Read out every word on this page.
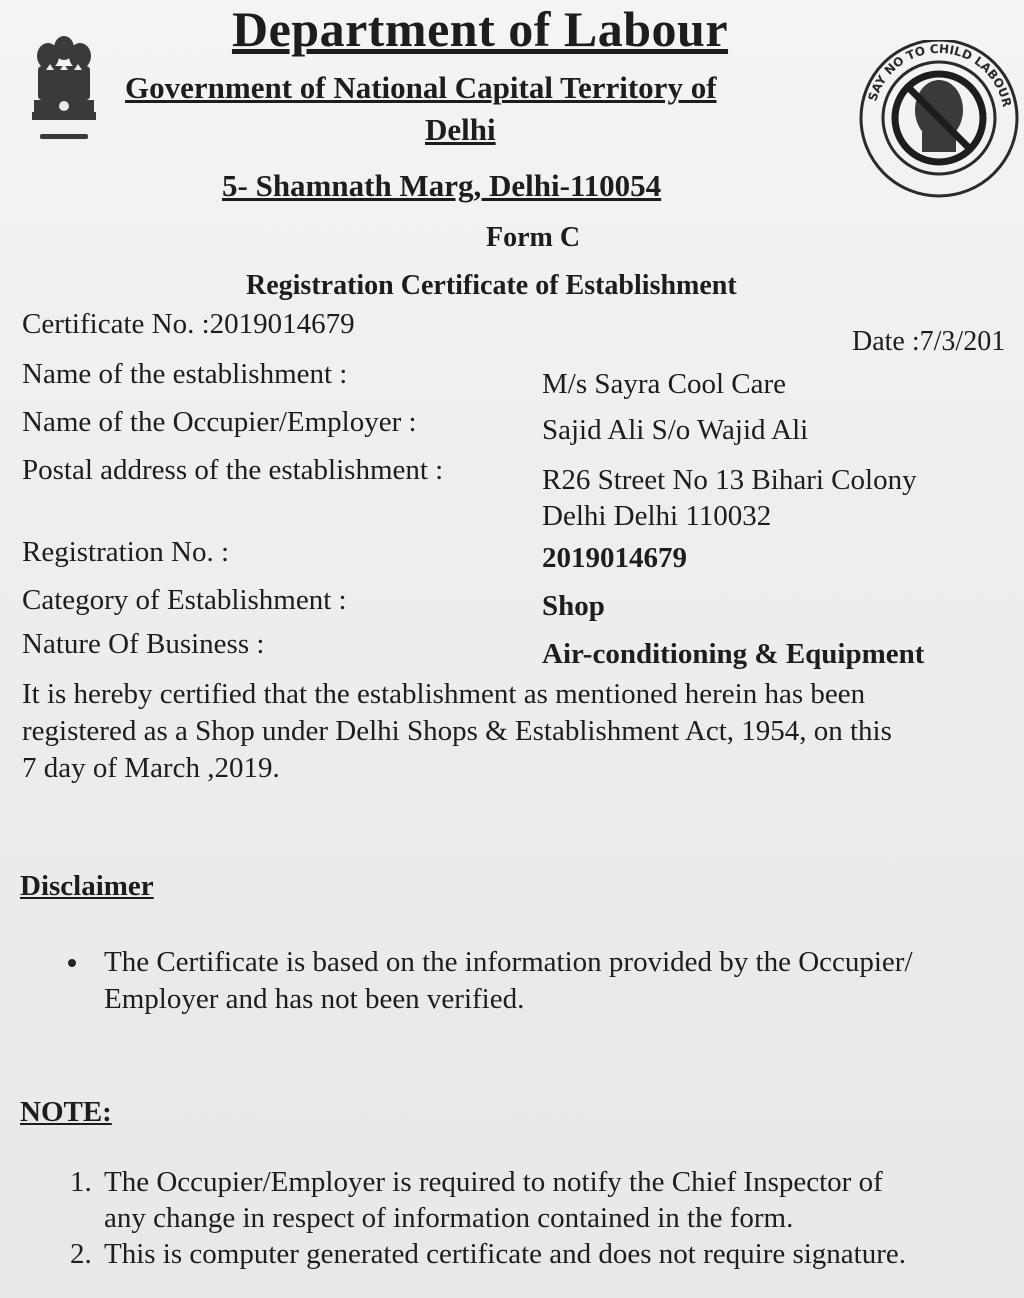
SAY NO TO CHILD LABOUR
Department of Labour
Government of National Capital Territory of
Delhi
5- Shamnath Marg, Delhi-110054
Form C
Registration Certificate of Establishment
Certificate No. :2019014679
Date :7/3/201
Name of the establishment :	M/s Sayra Cool Care
Name of the Occupier/Employer :	Sajid Ali S/o Wajid Ali
Postal address of the establishment :	R26 Street No 13 Bihari Colony
Delhi Delhi 110032
Registration No. :	2019014679
Category of Establishment :	Shop
Nature Of Business :	Air-conditioning & Equipment
It is hereby certified that the establishment as mentioned herein has been
registered as a Shop under Delhi Shops & Establishment Act, 1954, on this
7 day of March ,2019.
Disclaimer
The Certificate is based on the information provided by the Occupier/
Employer and has not been verified.
NOTE:
1. The Occupier/Employer is required to notify the Chief Inspector of
any change in respect of information contained in the form.
2. This is computer generated certificate and does not require signature.
